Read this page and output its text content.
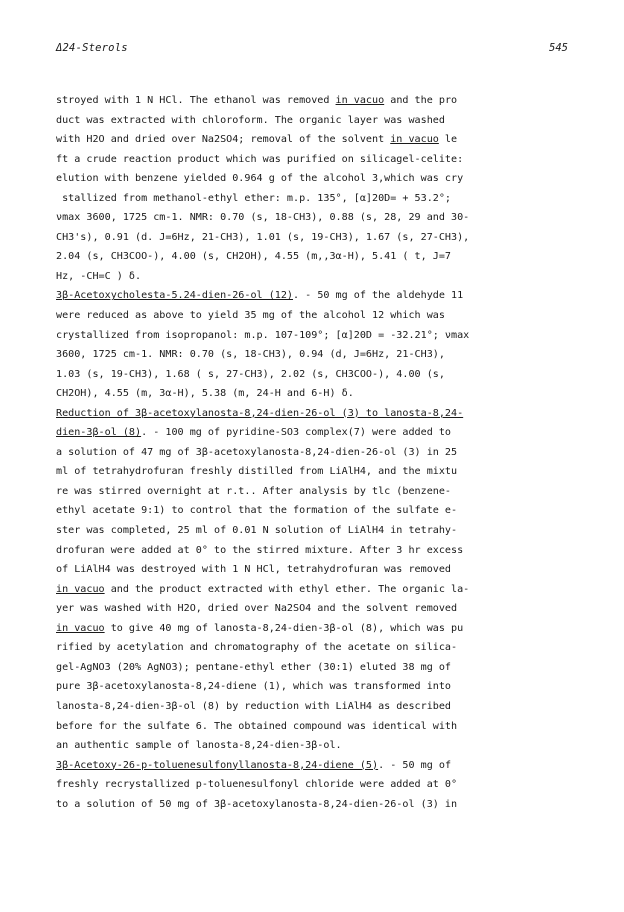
Δ24-Sterols	545
stroyed with 1 N HCl. The ethanol was removed in vacuo and the pro
duct was extracted with chloroform. The organic layer was washed
with H2O and dried over Na2SO4; removal of the solvent in vacuo le
ft a crude reaction product which was purified on silicagel-celite:
elution with benzene yielded 0.964 g of the alcohol 3,which was cry
stallized from methanol-ethyl ether: m.p. 135°, [α]20D= + 53.2°;
νmax 3600, 1725 cm-1. NMR: 0.70 (s, 18-CH3), 0.88 (s, 28, 29 and 30-
CH3's), 0.91 (d. J=6Hz, 21-CH3), 1.01 (s, 19-CH3), 1.67 (s, 27-CH3),
2.04 (s, CH3COO-), 4.00 (s, CH2OH), 4.55 (m,,3α-H), 5.41 ( t, J=7
Hz, -CH=C ) δ.
3β-Acetoxycholesta-5.24-dien-26-ol (12). - 50 mg of the aldehyde 11
were reduced as above to yield 35 mg of the alcohol 12 which was
crystallized from isopropanol: m.p. 107-109°; [α]20D = -32.21°; νmax
3600, 1725 cm-1. NMR: 0.70 (s, 18-CH3), 0.94 (d, J=6Hz, 21-CH3),
1.03 (s, 19-CH3), 1.68 ( s, 27-CH3), 2.02 (s, CH3COO-), 4.00 (s,
CH2OH), 4.55 (m, 3α-H), 5.38 (m, 24-H and 6-H) δ.
Reduction of 3β-acetoxylanosta-8,24-dien-26-ol (3) to lanosta-8,24-
dien-3β-ol (8). - 100 mg of pyridine-SO3 complex(7) were added to
a solution of 47 mg of 3β-acetoxylanosta-8,24-dien-26-ol (3) in 25
ml of tetrahydrofuran freshly distilled from LiAlH4, and the mixtu
re was stirred overnight at r.t.. After analysis by tlc (benzene-
ethyl acetate 9:1) to control that the formation of the sulfate e-
ster was completed, 25 ml of 0.01 N solution of LiAlH4 in tetrahy-
drofuran were added at 0° to the stirred mixture. After 3 hr excess
of LiAlH4 was destroyed with 1 N HCl, tetrahydrofuran was removed
in vacuo and the product extracted with ethyl ether. The organic la-
yer was washed with H2O, dried over Na2SO4 and the solvent removed
in vacuo to give 40 mg of lanosta-8,24-dien-3β-ol (8), which was pu
rified by acetylation and chromatography of the acetate on silica-
gel-AgNO3 (20% AgNO3); pentane-ethyl ether (30:1) eluted 38 mg of
pure 3β-acetoxylanosta-8,24-diene (1), which was transformed into
lanosta-8,24-dien-3β-ol (8) by reduction with LiAlH4 as described
before for the sulfate 6. The obtained compound was identical with
an authentic sample of lanosta-8,24-dien-3β-ol.
3β-Acetoxy-26-p-toluenesulfonyllanosta-8,24-diene (5). - 50 mg of
freshly recrystallized p-toluenesulfonyl chloride were added at 0°
to a solution of 50 mg of 3β-acetoxylanosta-8,24-dien-26-ol (3) in
